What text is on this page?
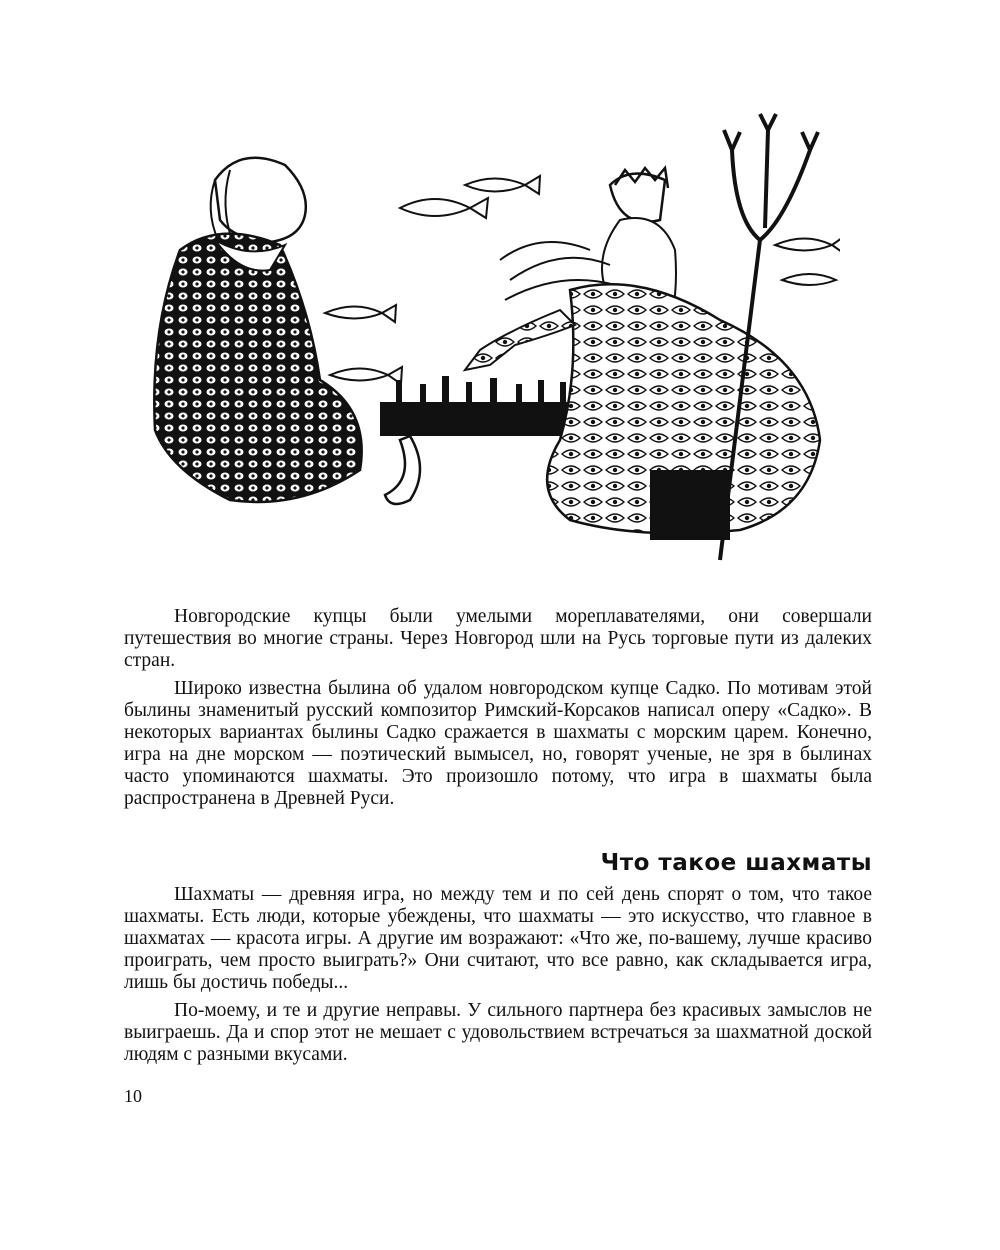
Новгородские купцы были умелыми мореплавателями, они совершали путешествия во многие страны. Через Новгород шли на Русь торговые пути из далеких стран.

Широко известна былина об удалом новгородском купце Садко. По мотивам этой былины знаменитый русский композитор Римский-Корсаков написал оперу «Садко». В некоторых вариантах былины Садко сражается в шахматы с морским царем. Конечно, игра на дне морском — поэтический вымысел, но, говорят ученые, не зря в былинах часто упоминаются шахматы. Это произошло потому, что игра в шахматы была распространена в Древней Руси.

Что такое шахматы

Шахматы — древняя игра, но между тем и по сей день спорят о том, что такое шахматы. Есть люди, которые убеждены, что шахматы — это искусство, что главное в шахматах — красота игры. А другие им возражают: «Что же, по-вашему, лучше красиво проиграть, чем просто выиграть?» Они считают, что все равно, как складывается игра, лишь бы достичь победы...

По-моему, и те и другие неправы. У сильного партнера без красивых замыслов не выиграешь. Да и спор этот не мешает с удовольствием встречаться за шахматной доской людям с разными вкусами.

10
